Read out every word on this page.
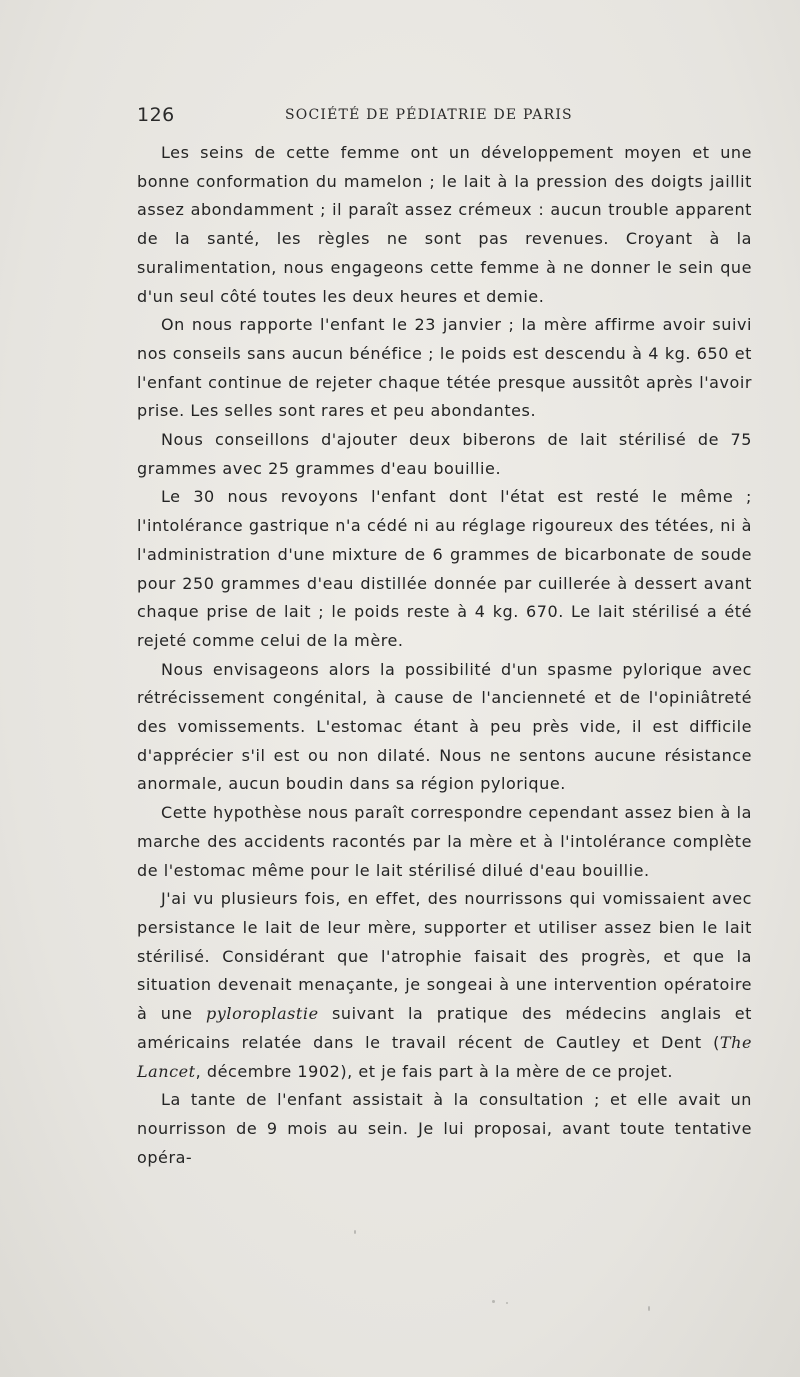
126	SOCIÉTÉ DE PÉDIATRIE DE PARIS

Les seins de cette femme ont un développement moyen et une bonne conformation du mamelon ; le lait à la pression des doigts jaillit assez abondamment ; il paraît assez crémeux : aucun trouble apparent de la santé, les règles ne sont pas revenues. Croyant à la suralimentation, nous engageons cette femme à ne donner le sein que d'un seul côté toutes les deux heures et demie.

On nous rapporte l'enfant le 23 janvier ; la mère affirme avoir suivi nos conseils sans aucun bénéfice ; le poids est descendu à 4 kg. 650 et l'enfant continue de rejeter chaque tétée presque aussitôt après l'avoir prise. Les selles sont rares et peu abondantes.

Nous conseillons d'ajouter deux biberons de lait stérilisé de 75 grammes avec 25 grammes d'eau bouillie.

Le 30 nous revoyons l'enfant dont l'état est resté le même ; l'intolérance gastrique n'a cédé ni au réglage rigoureux des tétées, ni à l'administration d'une mixture de 6 grammes de bicarbonate de soude pour 250 grammes d'eau distillée donnée par cuillerée à dessert avant chaque prise de lait ; le poids reste à 4 kg. 670. Le lait stérilisé a été rejeté comme celui de la mère.

Nous envisageons alors la possibilité d'un spasme pylorique avec rétrécissement congénital, à cause de l'ancienneté et de l'opiniâtreté des vomissements. L'estomac étant à peu près vide, il est difficile d'apprécier s'il est ou non dilaté. Nous ne sentons aucune résistance anormale, aucun boudin dans sa région pylorique.

Cette hypothèse nous paraît correspondre cependant assez bien à la marche des accidents racontés par la mère et à l'intolérance complète de l'estomac même pour le lait stérilisé dilué d'eau bouillie.

J'ai vu plusieurs fois, en effet, des nourrissons qui vomissaient avec persistance le lait de leur mère, supporter et utiliser assez bien le lait stérilisé. Considérant que l'atrophie faisait des progrès, et que la situation devenait menaçante, je songeai à une intervention opératoire à une pyloroplastie suivant la pratique des médecins anglais et américains relatée dans le travail récent de Cautley et Dent (The Lancet, décembre 1902), et je fais part à la mère de ce projet.

La tante de l'enfant assistait à la consultation ; et elle avait un nourrisson de 9 mois au sein. Je lui proposai, avant toute tentative opéra-
